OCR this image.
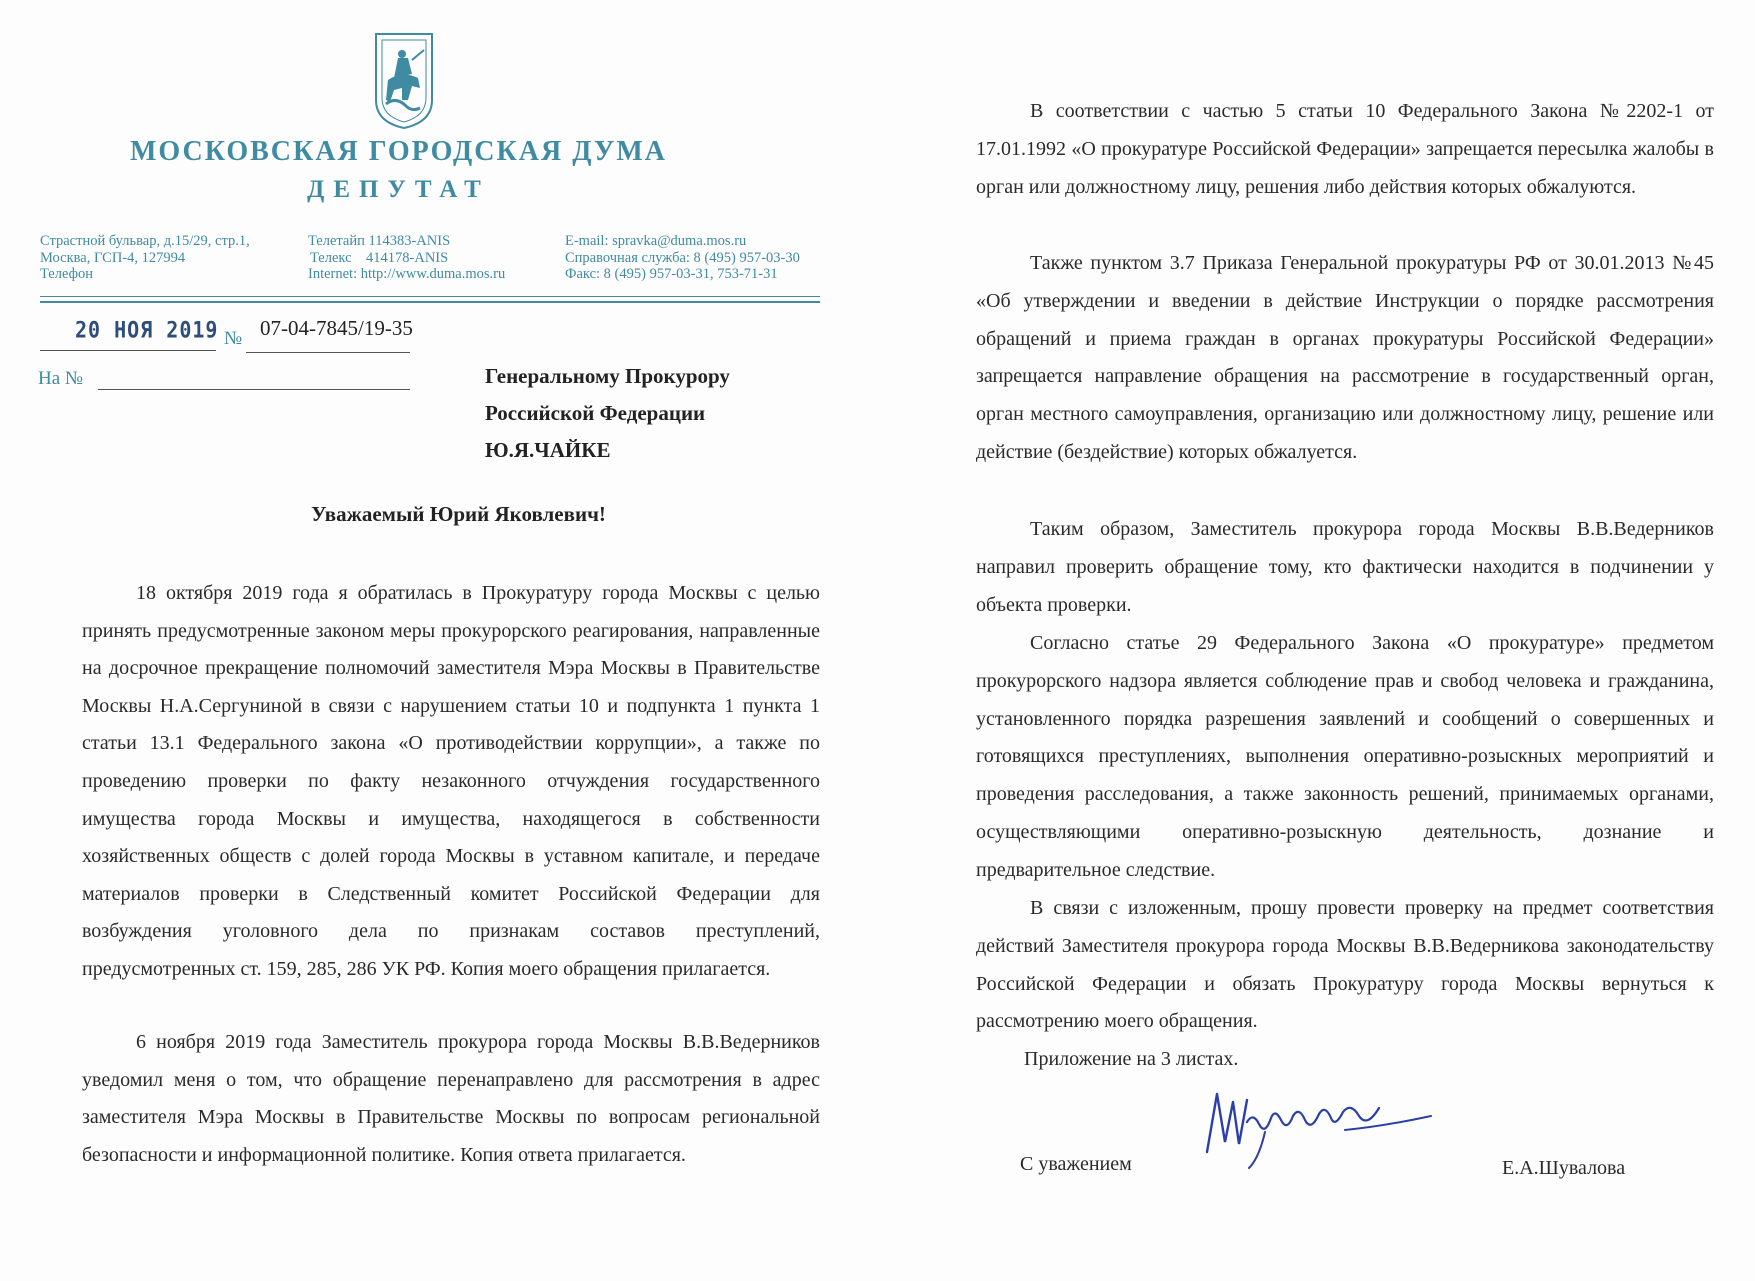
МОСКОВСКАЯ ГОРОДСКАЯ ДУМА
ДЕПУТАТ
Страстной бульвар, д.15/29, стр.1,
Москва, ГСП-4, 127994
Телефон
Телетайп 114383-ANIS
Телекс    414178-ANIS
Internet: http://www.duma.mos.ru
E-mail: spravka@duma.mos.ru
Справочная служба: 8 (495) 957-03-30
Факс: 8 (495) 957-03-31, 753-71-31
20 НОЯ 2019 № 07-04-7845/19-35
На №	Генеральному Прокурору
Российской Федерации
Ю.Я.ЧАЙКЕ
Уважаемый Юрий Яковлевич!

18 октября 2019 года я обратилась в Прокуратуру города Москвы с целью принять предусмотренные законом меры прокурорского реагирования, направленные на досрочное прекращение полномочий заместителя Мэра Москвы в Правительстве Москвы Н.А.Сергуниной в связи с нарушением статьи 10 и подпункта 1 пункта 1 статьи 13.1 Федерального закона «О противодействии коррупции», а также по проведению проверки по факту незаконного отчуждения государственного имущества города Москвы и имущества, находящегося в собственности хозяйственных обществ с долей города Москвы в уставном капитале, и передаче материалов проверки в Следственный комитет Российской Федерации для возбуждения уголовного дела по признакам составов преступлений, предусмотренных ст. 159, 285, 286 УК РФ. Копия моего обращения прилагается.

6 ноября 2019 года Заместитель прокурора города Москвы В.В.Ведерников уведомил меня о том, что обращение перенаправлено для рассмотрения в адрес заместителя Мэра Москвы в Правительстве Москвы по вопросам региональной безопасности и информационной политике. Копия ответа прилагается.

В соответствии с частью 5 статьи 10 Федерального Закона №2202-1 от 17.01.1992 «О прокуратуре Российской Федерации» запрещается пересылка жалобы в орган или должностному лицу, решения либо действия которых обжалуются.

Также пунктом 3.7 Приказа Генеральной прокуратуры РФ от 30.01.2013 №45 «Об утверждении и введении в действие Инструкции о порядке рассмотрения обращений и приема граждан в органах прокуратуры Российской Федерации» запрещается направление обращения на рассмотрение в государственный орган, орган местного самоуправления, организацию или должностному лицу, решение или действие (бездействие) которых обжалуется.

Таким образом, Заместитель прокурора города Москвы В.В.Ведерников направил проверить обращение тому, кто фактически находится в подчинении у объекта проверки.

Согласно статье 29 Федерального Закона «О прокуратуре» предметом прокурорского надзора является соблюдение прав и свобод человека и гражданина, установленного порядка разрешения заявлений и сообщений о совершенных и готовящихся преступлениях, выполнения оперативно-розыскных мероприятий и проведения расследования, а также законность решений, принимаемых органами, осуществляющими оперативно-розыскную деятельность, дознание и предварительное следствие.

В связи с изложенным, прошу провести проверку на предмет соответствия действий Заместителя прокурора города Москвы В.В.Ведерникова законодательству Российской Федерации и обязать Прокуратуру города Москвы вернуться к рассмотрению моего обращения.

Приложение на 3 листах.

С уважением	Е.А.Шувалова
